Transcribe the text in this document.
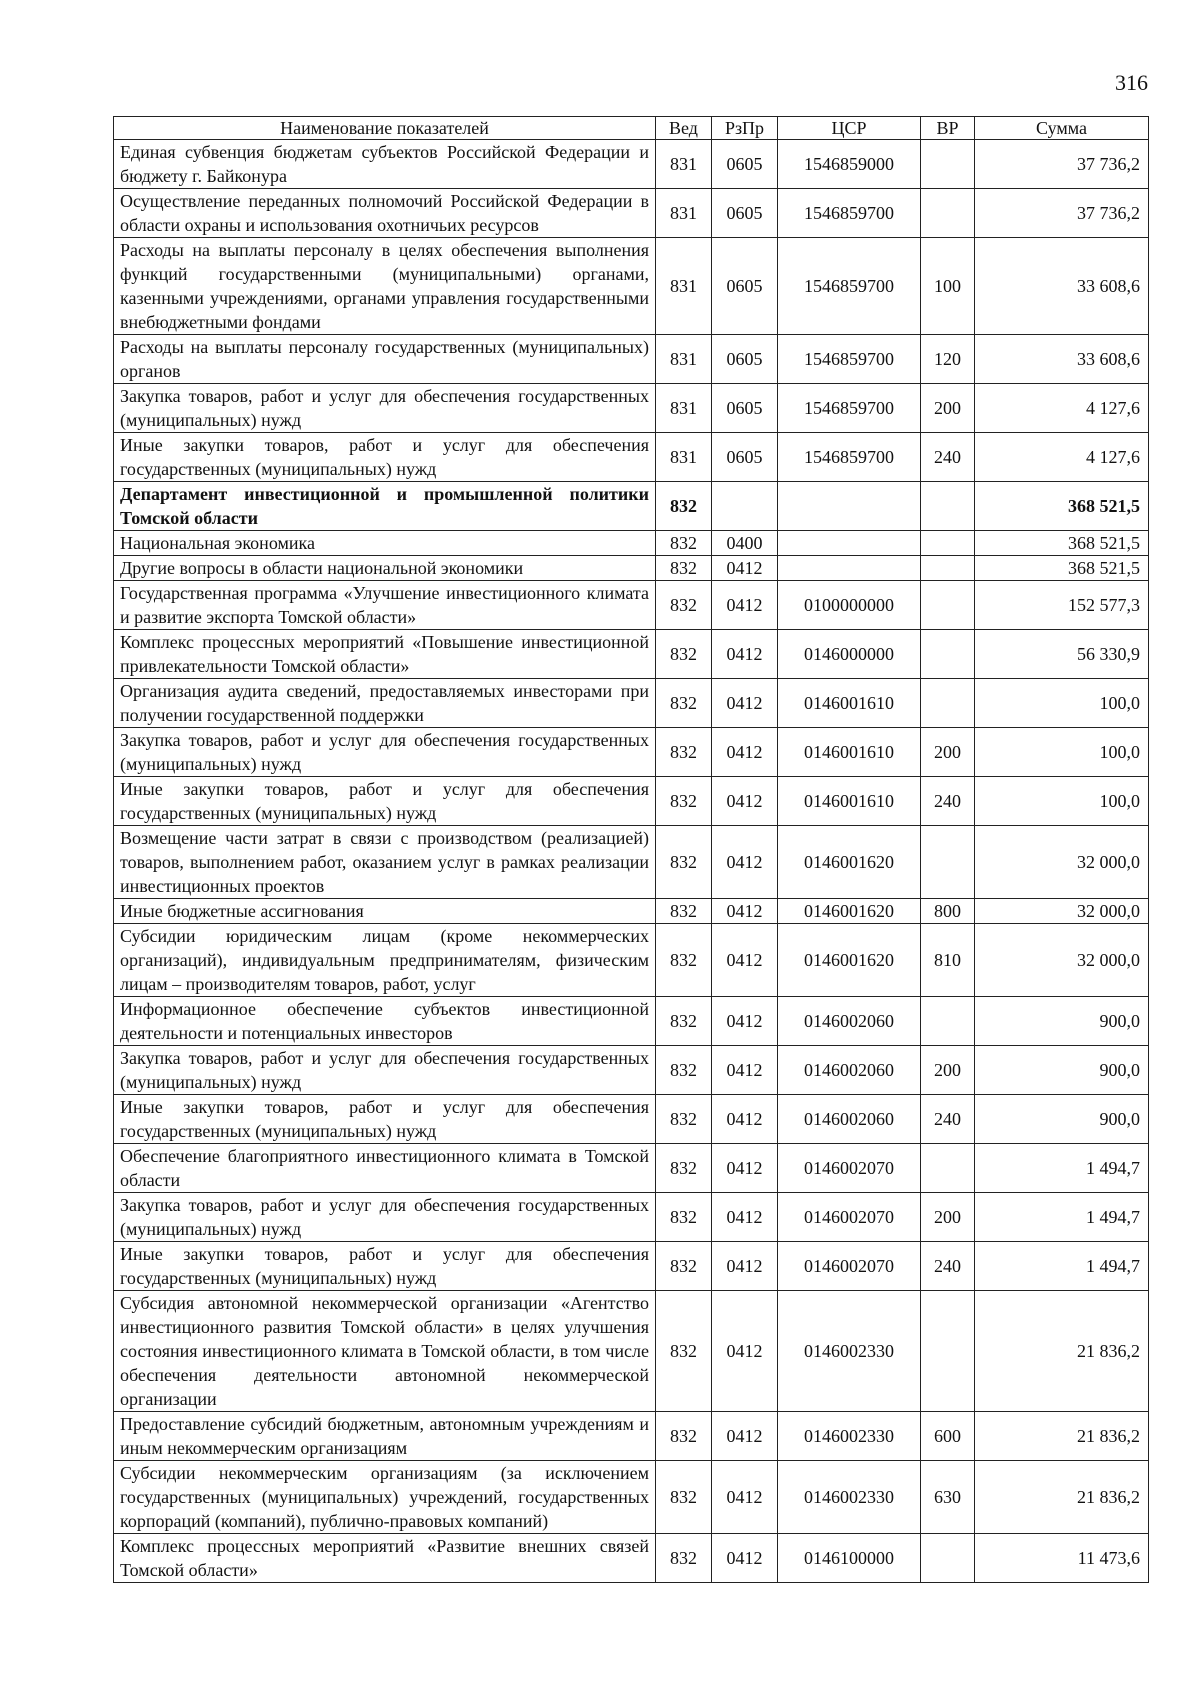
316
Наименование показателей	Вед	РзПр	ЦСР	ВР	Сумма
Единая субвенция бюджетам субъектов Российской Федерации и бюджету г. Байконура	831	0605	1546859000		37 736,2
Осуществление переданных полномочий Российской Федерации в области охраны и использования охотничьих ресурсов	831	0605	1546859700		37 736,2
Расходы на выплаты персоналу в целях обеспечения выполнения функций государственными (муниципальными) органами, казенными учреждениями, органами управления государственными внебюджетными фондами	831	0605	1546859700	100	33 608,6
Расходы на выплаты персоналу государственных (муниципальных) органов	831	0605	1546859700	120	33 608,6
Закупка товаров, работ и услуг для обеспечения государственных (муниципальных) нужд	831	0605	1546859700	200	4 127,6
Иные закупки товаров, работ и услуг для обеспечения государственных (муниципальных) нужд	831	0605	1546859700	240	4 127,6
Департамент инвестиционной и промышленной политики Томской области	832				368 521,5
Национальная экономика	832	0400			368 521,5
Другие вопросы в области национальной экономики	832	0412			368 521,5
Государственная программа «Улучшение инвестиционного климата и развитие экспорта Томской области»	832	0412	0100000000		152 577,3
Комплекс процессных мероприятий «Повышение инвестиционной привлекательности Томской области»	832	0412	0146000000		56 330,9
Организация аудита сведений, предоставляемых инвесторами при получении государственной поддержки	832	0412	0146001610		100,0
Закупка товаров, работ и услуг для обеспечения государственных (муниципальных) нужд	832	0412	0146001610	200	100,0
Иные закупки товаров, работ и услуг для обеспечения государственных (муниципальных) нужд	832	0412	0146001610	240	100,0
Возмещение части затрат в связи с производством (реализацией) товаров, выполнением работ, оказанием услуг в рамках реализации инвестиционных проектов	832	0412	0146001620		32 000,0
Иные бюджетные ассигнования	832	0412	0146001620	800	32 000,0
Субсидии юридическим лицам (кроме некоммерческих организаций), индивидуальным предпринимателям, физическим лицам – производителям товаров, работ, услуг	832	0412	0146001620	810	32 000,0
Информационное обеспечение субъектов инвестиционной деятельности и потенциальных инвесторов	832	0412	0146002060		900,0
Закупка товаров, работ и услуг для обеспечения государственных (муниципальных) нужд	832	0412	0146002060	200	900,0
Иные закупки товаров, работ и услуг для обеспечения государственных (муниципальных) нужд	832	0412	0146002060	240	900,0
Обеспечение благоприятного инвестиционного климата в Томской области	832	0412	0146002070		1 494,7
Закупка товаров, работ и услуг для обеспечения государственных (муниципальных) нужд	832	0412	0146002070	200	1 494,7
Иные закупки товаров, работ и услуг для обеспечения государственных (муниципальных) нужд	832	0412	0146002070	240	1 494,7
Субсидия автономной некоммерческой организации «Агентство инвестиционного развития Томской области» в целях улучшения состояния инвестиционного климата в Томской области, в том числе обеспечения деятельности автономной некоммерческой организации	832	0412	0146002330		21 836,2
Предоставление субсидий бюджетным, автономным учреждениям и иным некоммерческим организациям	832	0412	0146002330	600	21 836,2
Субсидии некоммерческим организациям (за исключением государственных (муниципальных) учреждений, государственных корпораций (компаний), публично-правовых компаний)	832	0412	0146002330	630	21 836,2
Комплекс процессных мероприятий «Развитие внешних связей Томской области»	832	0412	0146100000		11 473,6
